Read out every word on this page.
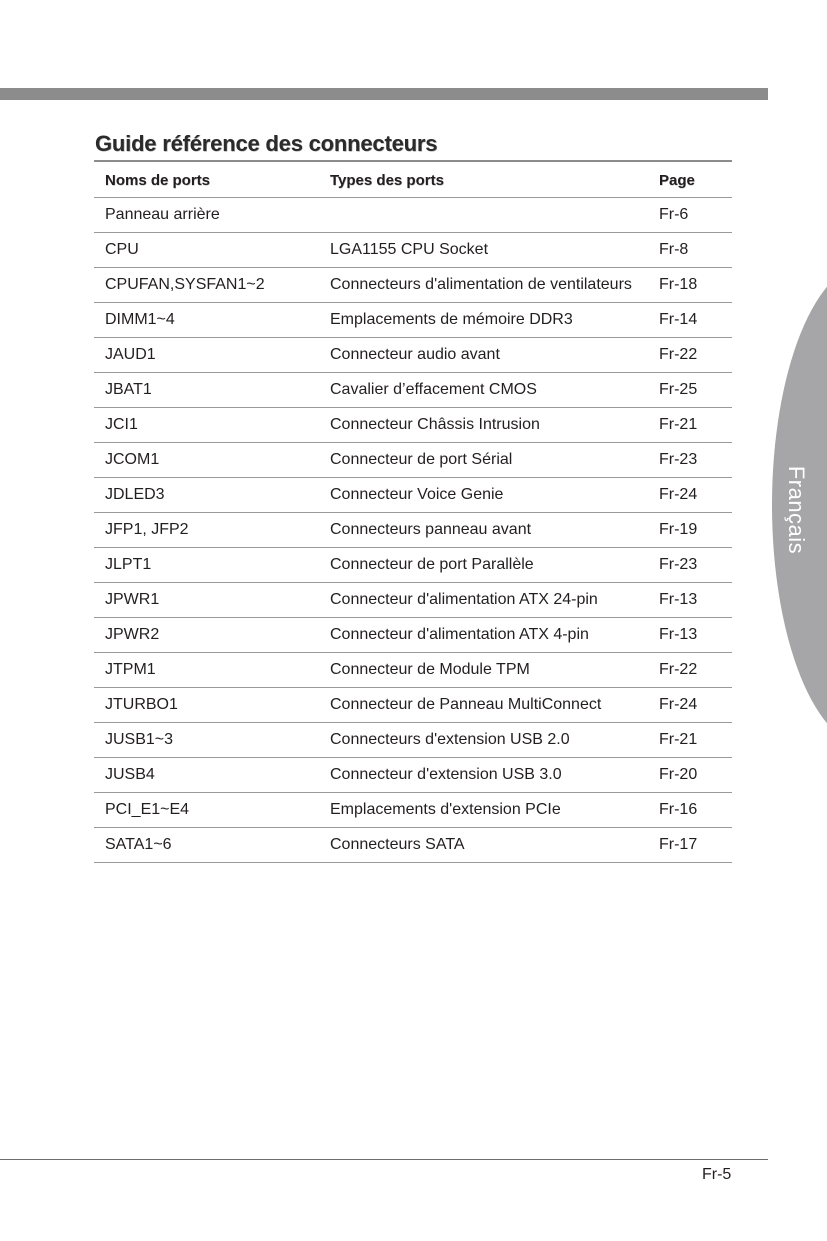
Français
Guide référence des connecteurs
Noms de ports	Types des ports	Page
Panneau arrière		Fr-6
CPU	LGA1155 CPU Socket	Fr-8
CPUFAN,SYSFAN1~2	Connecteurs d'alimentation de ventilateurs	Fr-18
DIMM1~4	Emplacements de mémoire DDR3	Fr-14
JAUD1	Connecteur audio avant	Fr-22
JBAT1	Cavalier d’effacement CMOS	Fr-25
JCI1	Connecteur Châssis Intrusion	Fr-21
JCOM1	Connecteur de port Sérial	Fr-23
JDLED3	Connecteur Voice Genie	Fr-24
JFP1, JFP2	Connecteurs panneau avant	Fr-19
JLPT1	Connecteur de port Parallèle	Fr-23
JPWR1	Connecteur d'alimentation ATX 24-pin	Fr-13
JPWR2	Connecteur d'alimentation ATX 4-pin	Fr-13
JTPM1	Connecteur de Module TPM	Fr-22
JTURBO1	Connecteur de Panneau MultiConnect	Fr-24
JUSB1~3	Connecteurs d'extension USB 2.0	Fr-21
JUSB4	Connecteur d'extension USB 3.0	Fr-20
PCI_E1~E4	Emplacements d'extension PCIe	Fr-16
SATA1~6	Connecteurs SATA	Fr-17
Fr-5
